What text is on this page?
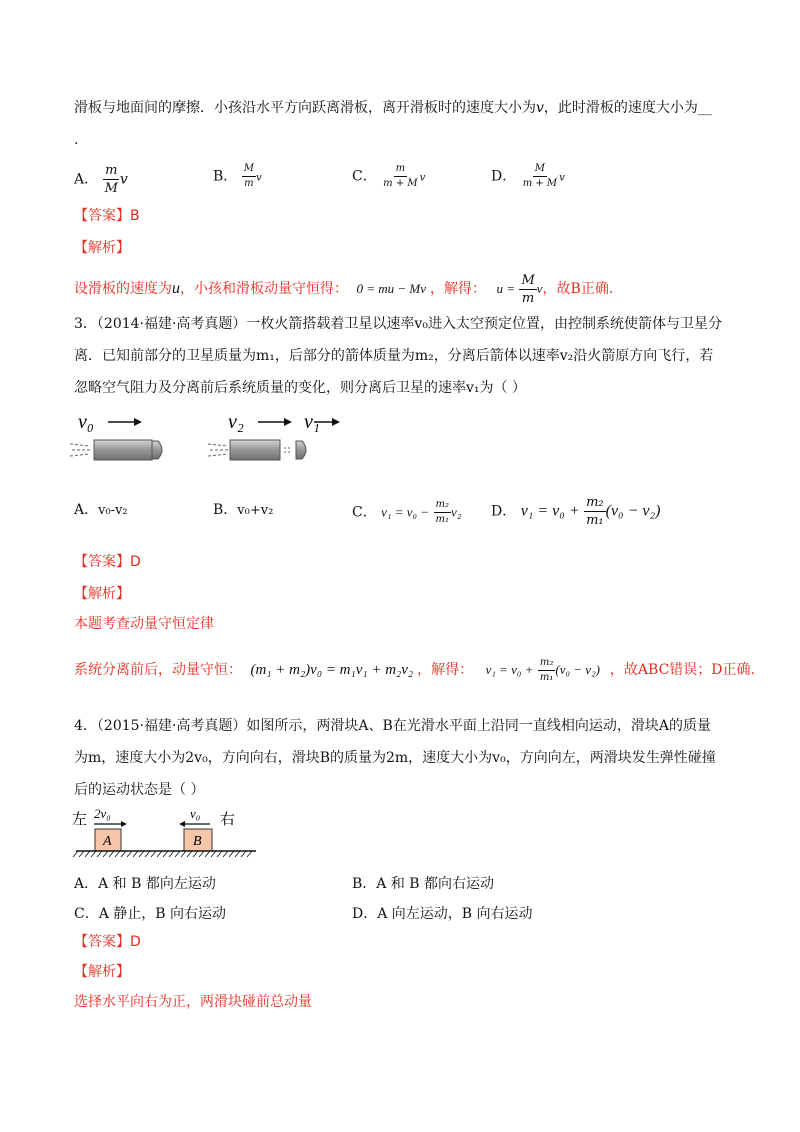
滑板与地面间的摩擦．小孩沿水平方向跃离滑板，离开滑板时的速度大小为v，此时滑板的速度大小为__
.
A． $\frac{m}{M}$ v	B． $\frac{M}{m}$ v	C． $\frac{m}{m + M}$ v	D． $\frac{M}{m + M}$ v
【答案】B
【解析】
设滑板的速度为u，小孩和滑板动量守恒得： 0 = mu − Mv ，解得： $u = \frac{M}{m}$ v，故B正确.
3．（2014·福建·高考真题）一枚火箭搭载着卫星以速率v₀进入太空预定位置，由控制系统使箭体与卫星分
离．已知前部分的卫星质量为m₁，后部分的箭体质量为m₂，分离后箭体以速率v₂沿火箭原方向飞行，若
忽略空气阻力及分离前后系统质量的变化，则分离后卫星的速率v₁为（ ）
v₀	v₂	v₁
A．v₀-v₂	B．v₀+v₂	C． $v_1 = v_0 - \frac{\text{m₂}}{\text{m₁}} v_2$ D． $v_1 = v_0 + \frac{\text{m₂}}{\text{m₁}} (v_0 - v_2)$
【答案】D
【解析】
本题考查动量守恒定律
系统分离前后，动量守恒： (m₁ + m₂)v₀ = m₁v₁ + m₂v₂ ，解得： $v_1 = v_0 + \frac{\text{m₂}}{\text{m₁}} (v_0 - v_2)$ ，故ABC错误；D正确.
4．（2015·福建·高考真题）如图所示，两滑块A、B在光滑水平面上沿同一直线相向运动，滑块A的质量
为m，速度大小为2v₀，方向向右，滑块B的质量为2m，速度大小为v₀，方向向左，两滑块发生弹性碰撞
后的运动状态是（ ）
左	右
2v₀	v₀
A	B
A．A 和 B 都向左运动	B．A 和 B 都向右运动
C．A 静止，B 向右运动	D．A 向左运动，B 向右运动
【答案】D
【解析】
选择水平向右为正，两滑块碰前总动量
